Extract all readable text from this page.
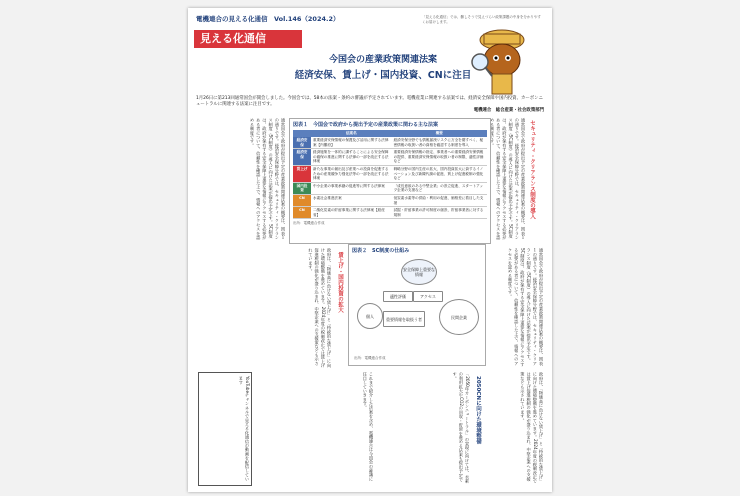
電機連合の見える化通信　Vol.146（2024.2）	「見える化通信」では、難しそうで見えづらい政策課題の中身を分かりやすくお届けします。
見える化通信
今国会の産業政策関連法案
経済安保、賃上げ・国内投資、CNに注目
1月26日に第213回通常国会が開会しました。今国会では、58本の法案・条約の審議が予定されています。電機産業に関連する法案では、経済安全保障や国内投資、カーボンニュートラルに関連する法案に注目です。
電機連合　総合産業・社会政策部門
セキュリティ・クリアランス制度の導入
通常国会で政府が提出予定の産業政策関連法案の概要は、図表１の通りです。経済安全保障分野では、セキュリティ・クリアランス制度（SC制度）の導入に向けた法案が提出予定です。SC制度は、政府が保有する安全保障上重要な情報にアクセスする必要がある者について、信頼性を確認した上で、情報へのアクセスを認める制度です。
通常国会で政府が提出予定の産業政策関連法案の概要は、図表１の通りです。経済安全保障分野では、セキュリティ・クリアランス制度（SC制度）の導入に向けた法案が提出予定です。SC制度は、政府が保有する安全保障上重要な情報にアクセスする必要がある者について、信頼性を確認した上で、情報へのアクセスを認める制度です。	図表１　今国会で政府から提出予定の産業政策に関わる主な法案
	法案名	概要
経済安保	重要経済安保情報の保護及び活用に関する法律案【内閣府】	経済安保分野でも情報漏洩リスクに万全を期すべく、秘密情報の取扱い者の資格を確認する制度を導入
経済安保	経済施策を一体的に講ずることによる安全保障の確保の推進に関する法律の一部を改正する法律案	重要経済安保情報の指定、事業者への重要経済安保情報の提供、重要経済安保情報の取扱い者の制限、適性評価　など
賃上げ	新たな事業の創出及び産業への投資を促進するための産業競争力強化法等の一部を改正する法律案	戦略分野の国内生産の拡大、国内投資拡大に資するイノベーション及び新陳代謝の促進、賃上げ促進税制の強化　など
国内投資	中小企業の事業承継の促進等に関する法律案	「成長意欲のある中堅企業」の設立促進、スタートアップ企業の支援など
CN	水素社会推進法案	低炭素水素等の供給・利用の促進、価格差に着目した支援
CN	二酸化炭素の貯留事業に関する法律案【経産省】	試掘・貯留事業の許可制度の創設、貯留事業者に対する規制
出所：電機連合作成
通常国会で政府が提出予定の産業政策関連法案の概要は、図表１の通りです。経済安全保障分野では、セキュリティ・クリアランス制度（SC制度）の導入に向けた法案が提出予定です。SC制度は、政府が保有する安全保障上重要な情報にアクセスする必要がある者について、信頼性を確認した上で、情報へのアクセスを認める制度です。
賃上げ・国内投資の拡大
政府は、「物価高に負けない賃上げ」と「持続的な賃上げ」に向けた環境整備を進めています。2024年度の税制改正では賃上げ促進税制の強化が盛り込まれ、中堅企業への支援策なども示されています。	図表２　SC制度の仕組み
安全保障上重要な情報
個人
適性評価	アクセス
民間企業
重要情報を取扱う者
出所：電機連合作成
政府は、「物価高に負けない賃上げ」と「持続的な賃上げ」に向けた環境整備を進めています。2024年度の税制改正では賃上げ促進税制の強化が盛り込まれ、中堅企業への支援策なども示されています。
2050CNに向けた環境整備
「2050年カーボンニュートラル」の実現に向けては、水素の利用拡大やCO2の回収・貯留を進める法案も提出予定です。
これまで紹介した法案を含め、電機連合は今国会の審議に注目していきます。
YouTubeチャンネルで見える化通信の動画を配信しています
